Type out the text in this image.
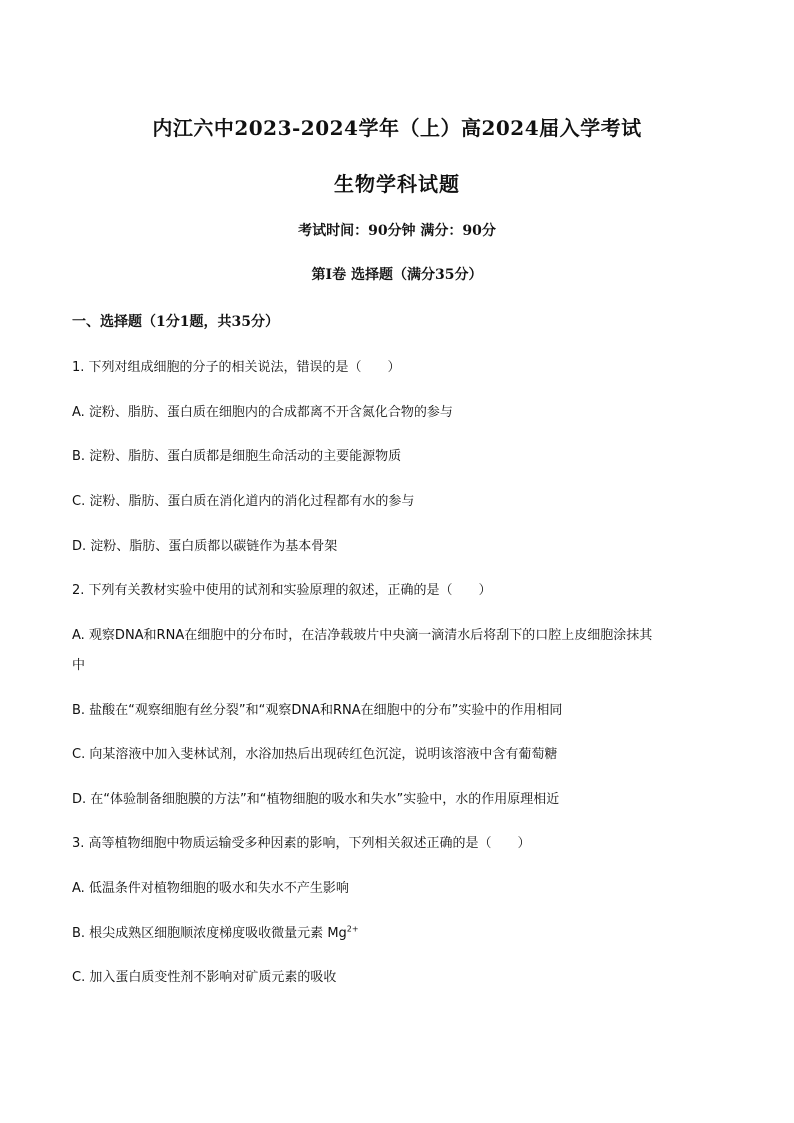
内江六中2023-2024学年（上）高2024届入学考试
生物学科试题
考试时间：90分钟 满分：90分
第Ⅰ卷 选择题（满分35分）
一、选择题（1分1题，共35分）
1. 下列对组成细胞的分子的相关说法，错误的是（　　）
A. 淀粉、脂肪、蛋白质在细胞内的合成都离不开含氮化合物的参与
B. 淀粉、脂肪、蛋白质都是细胞生命活动的主要能源物质
C. 淀粉、脂肪、蛋白质在消化道内的消化过程都有水的参与
D. 淀粉、脂肪、蛋白质都以碳链作为基本骨架
2. 下列有关教材实验中使用的试剂和实验原理的叙述，正确的是（　　）
A. 观察DNA和RNA在细胞中的分布时，在洁净载玻片中央滴一滴清水后将刮下的口腔上皮细胞涂抹其
中
B. 盐酸在“观察细胞有丝分裂”和“观察DNA和RNA在细胞中的分布”实验中的作用相同
C. 向某溶液中加入斐林试剂，水浴加热后出现砖红色沉淀，说明该溶液中含有葡萄糖
D. 在“体验制备细胞膜的方法”和“植物细胞的吸水和失水”实验中，水的作用原理相近
3. 高等植物细胞中物质运输受多种因素的影响，下列相关叙述正确的是（　　）
A. 低温条件对植物细胞的吸水和失水不产生影响
B. 根尖成熟区细胞顺浓度梯度吸收微量元素 $Mg^{2+}$
C. 加入蛋白质变性剂不影响对矿质元素的吸收
